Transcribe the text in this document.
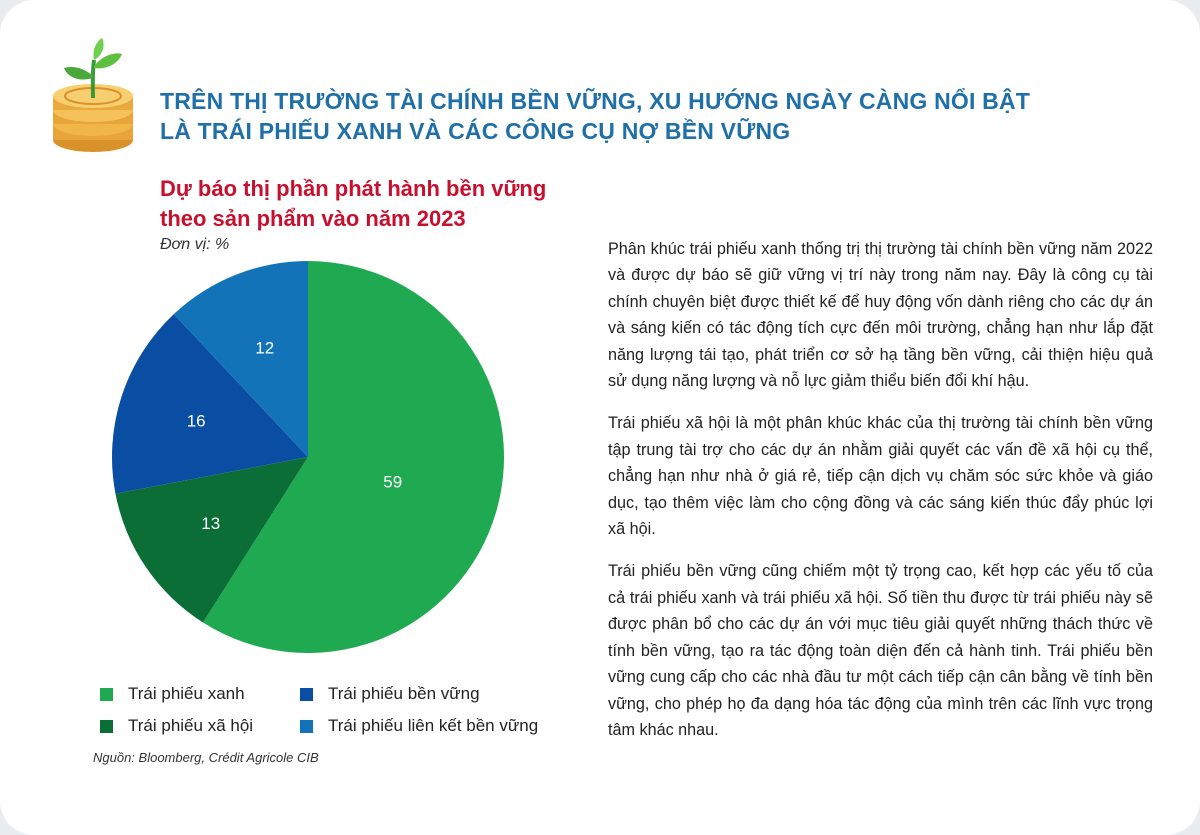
TRÊN THỊ TRƯỜNG TÀI CHÍNH BỀN VỮNG, XU HƯỚNG NGÀY CÀNG NỔI BẬT
LÀ TRÁI PHIẾU XANH VÀ CÁC CÔNG CỤ NỢ BỀN VỮNG
Dự báo thị phần phát hành bền vững
theo sản phẩm vào năm 2023
Đơn vị: %
59
13
16
12
Trái phiếu xanh	Trái phiếu bền vững
Trái phiếu xã hội	Trái phiếu liên kết bền vững
Nguồn: Bloomberg, Crédit Agricole CIB

Phân khúc trái phiếu xanh thống trị thị trường tài chính bền vững năm 2022 và được dự báo sẽ giữ vững vị trí này trong năm nay. Đây là công cụ tài chính chuyên biệt được thiết kế để huy động vốn dành riêng cho các dự án và sáng kiến có tác động tích cực đến môi trường, chẳng hạn như lắp đặt năng lượng tái tạo, phát triển cơ sở hạ tầng bền vững, cải thiện hiệu quả sử dụng năng lượng và nỗ lực giảm thiểu biến đổi khí hậu.

Trái phiếu xã hội là một phân khúc khác của thị trường tài chính bền vững tập trung tài trợ cho các dự án nhằm giải quyết các vấn đề xã hội cụ thể, chẳng hạn như nhà ở giá rẻ, tiếp cận dịch vụ chăm sóc sức khỏe và giáo dục, tạo thêm việc làm cho cộng đồng và các sáng kiến thúc đẩy phúc lợi xã hội.

Trái phiếu bền vững cũng chiếm một tỷ trọng cao, kết hợp các yếu tố của cả trái phiếu xanh và trái phiếu xã hội. Số tiền thu được từ trái phiếu này sẽ được phân bổ cho các dự án với mục tiêu giải quyết những thách thức về tính bền vững, tạo ra tác động toàn diện đến cả hành tinh. Trái phiếu bền vững cung cấp cho các nhà đầu tư một cách tiếp cận cân bằng về tính bền vững, cho phép họ đa dạng hóa tác động của mình trên các lĩnh vực trọng tâm khác nhau.
